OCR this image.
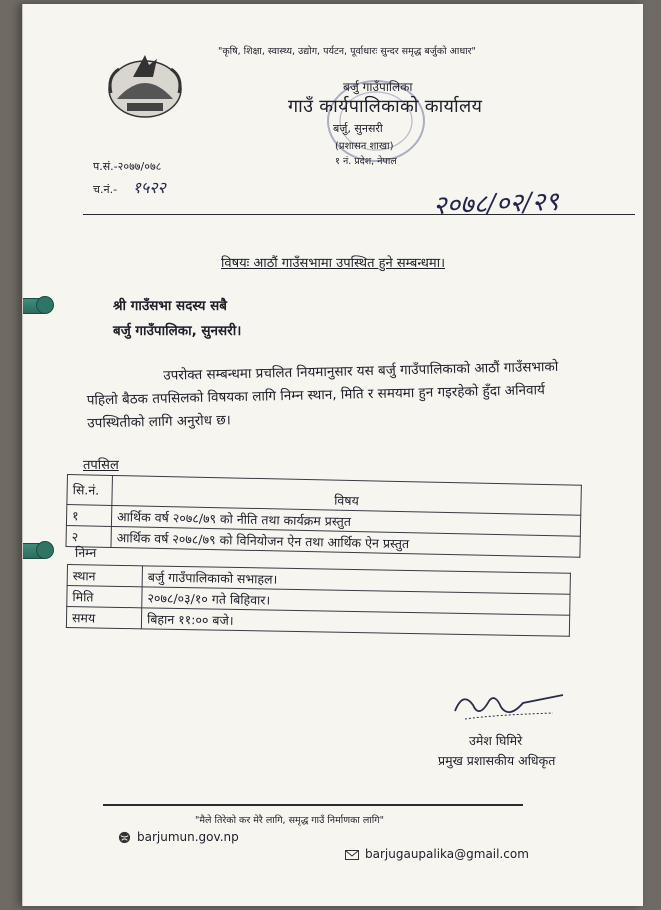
"कृषि, शिक्षा, स्वास्थ्य, उद्योग, पर्यटन, पूर्वाधारः सुन्दर समृद्ध बर्जुको आधार"
बर्जु गाउँपालिका
गाउँ कार्यपालिकाको कार्यालय
बर्जु, सुनसरी
(प्रशासन शाखा)
१ नं. प्रदेश, नेपाल
प.सं.-२०७७/०७८
च.नं.- १५२२	२०७८/०२/२९
विषयः आठौं गाउँसभामा उपस्थित हुने सम्बन्धमा।
श्री गाउँसभा सदस्य सबै
बर्जु गाउँपालिका, सुनसरी।

उपरोक्त सम्बन्धमा प्रचलित नियमानुसार यस बर्जु गाउँपालिकाको आठौं गाउँसभाको

पहिलो बैठक तपसिलको विषयका लागि निम्न स्थान, मिति र समयमा हुन गइरहेको हुँदा अनिवार्य

उपस्थितीको लागि अनुरोध छ।

तपसिल
सि.नं.	विषय
१	आर्थिक वर्ष २०७८/७९ को नीति तथा कार्यक्रम प्रस्तुत
२	आर्थिक वर्ष २०७८/७९ को विनियोजन ऐन तथा आर्थिक ऐन प्रस्तुत
निम्न
स्थान	बर्जु गाउँपालिकाको सभाहल।
मिति	२०७८/०३/१० गते बिहिवार।
समय	बिहान ११:०० बजे।
उमेश घिमिरे
प्रमुख प्रशासकीय अधिकृत
"मैले तिरेको कर मेरै लागि, समृद्ध गाउँ निर्माणका लागि"
barjumun.gov.np
barjugaupalika@gmail.com
